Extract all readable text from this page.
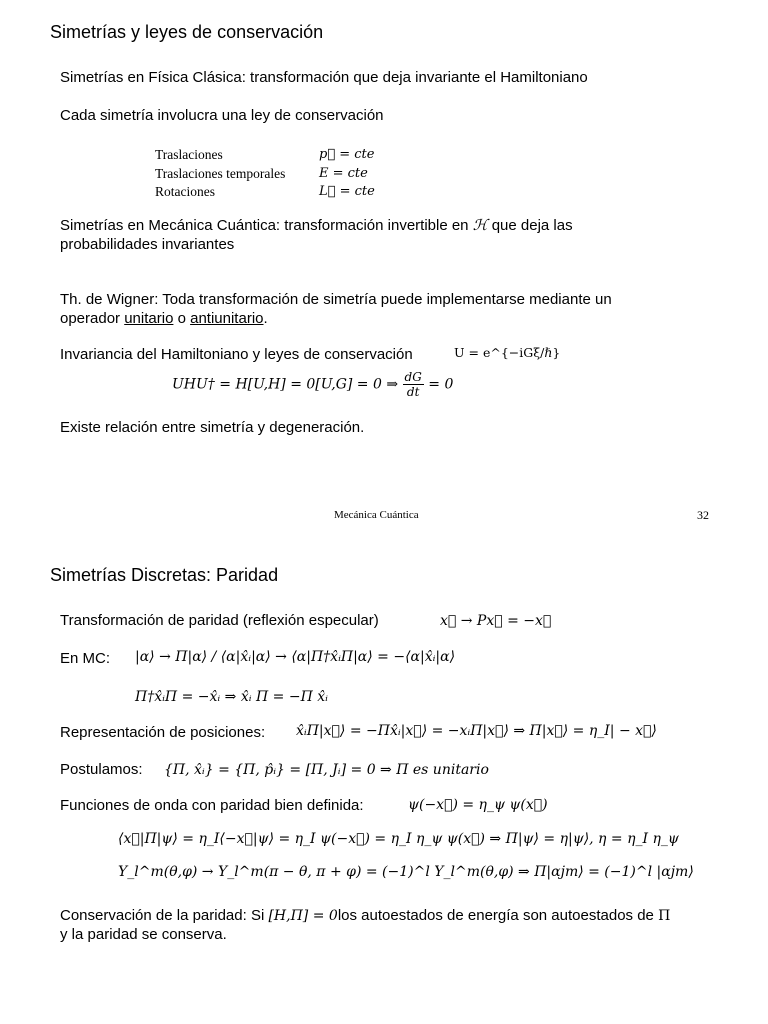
Simetrías y leyes de conservación
Simetrías en Física Clásica: transformación que deja invariante el Hamiltoniano
Cada simetría involucra una ley de conservación
Traslaciones	p⃗ = cte
Traslaciones temporales	E = cte
Rotaciones	L⃗ = cte
Simetrías en Mecánica Cuántica: transformación invertible en ℋ que deja las
probabilidades invariantes
Th. de Wigner: Toda transformación de simetría puede implementarse mediante un
operador unitario o antiunitario.
Invariancia del Hamiltoniano y leyes de conservación	U = e^{−iGξ/ℏ}
UHU† = H[U,H] = 0[U,G] = 0 ⇒ $\frac{dG}{dt} = 0$
Existe relación entre simetría y degeneración.
Mecánica Cuántica	32
Simetrías Discretas: Paridad
Transformación de paridad (reflexión especular)	x⃗ → Px⃗ = −x⃗
En MC: |α⟩ → Π|α⟩ / ⟨α|x̂ᵢ|α⟩ → ⟨α|Π†x̂ᵢΠ|α⟩ = −⟨α|x̂ᵢ|α⟩
Π†x̂ᵢΠ = −x̂ᵢ ⇒ x̂ᵢ Π = −Π x̂ᵢ
Representación de posiciones: x̂ᵢΠ|x⃗⟩ = −Πx̂ᵢ|x⃗⟩ = −xᵢΠ|x⃗⟩ ⇒ Π|x⃗⟩ = η_I| − x⃗⟩
Postulamos: {Π, x̂ᵢ} = {Π, p̂ᵢ} = [Π, Jᵢ] = 0 ⇒ Π es unitario
Funciones de onda con paridad bien definida:	ψ(−x⃗) = η_ψ ψ(x⃗)
⟨x⃗|Π|ψ⟩ = η_I⟨−x⃗|ψ⟩ = η_I ψ(−x⃗) = η_I η_ψ ψ(x⃗) ⇒ Π|ψ⟩ = η|ψ⟩, η = η_I η_ψ
Y_l^m(θ,φ) → Y_l^m(π − θ, π + φ) = (−1)^l Y_l^m(θ,φ) ⇒ Π|αjm⟩ = (−1)^l |αjm⟩
Conservación de la paridad: Si [H,Π] = 0los autoestados de energía son autoestados de Π
y la paridad se conserva.
